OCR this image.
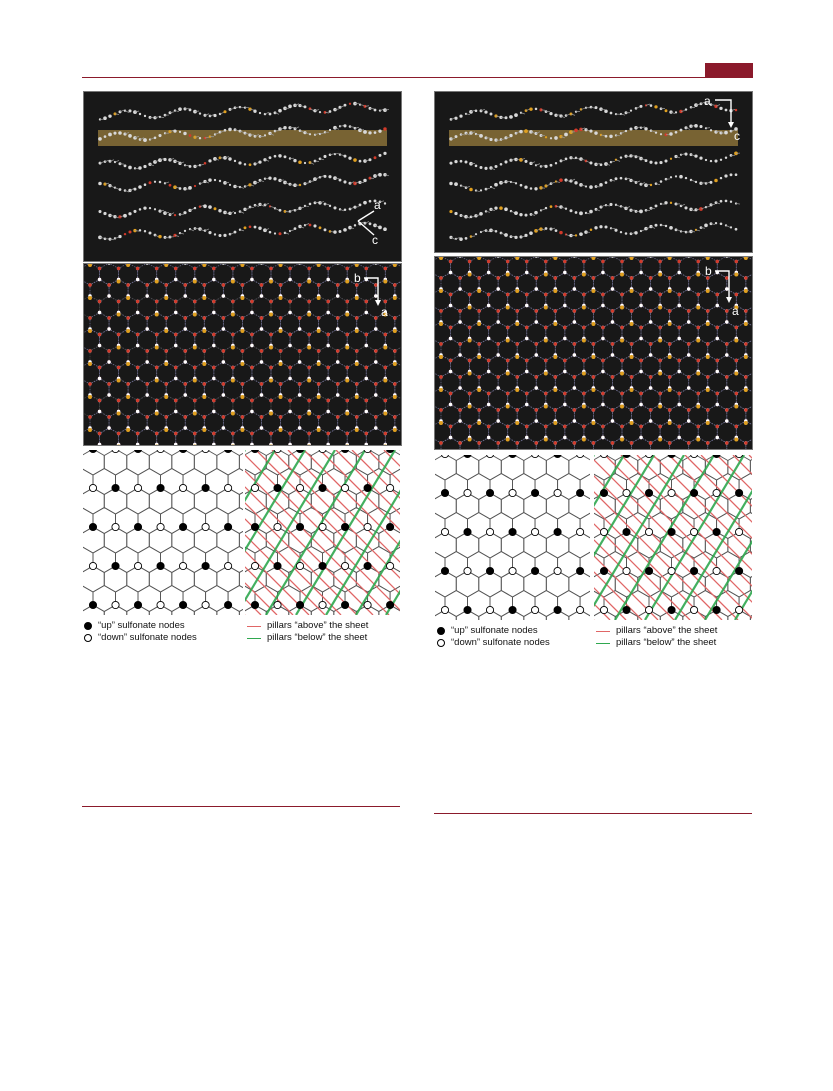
a
c
b
a
“up” sulfonate nodes
“down” sulfonate nodes
pillars “above” the sheet
pillars “below” the sheet
a
c
b
a
“up” sulfonate nodes
“down” sulfonate nodes
pillars “above” the sheet
pillars “below” the sheet
